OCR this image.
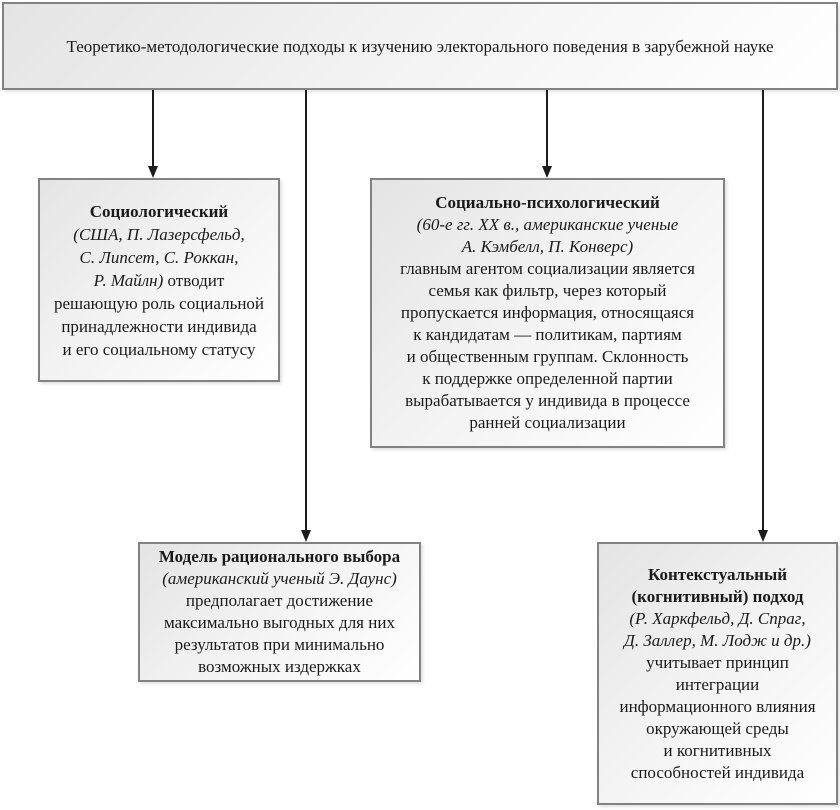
Теоретико-методологические подходы к изучению электорального поведения в зарубежной науке
Социологический
(США, П. Лазерсфельд,
С. Липсет, С. Роккан,
Р. Майлн) отводит
решающую роль социальной
принадлежности индивида
и его социальному статусу
Социально-психологический
(60-е гг. XX в., американские ученые
А. Кэмбелл, П. Конверс)
главным агентом социализации является
семья как фильтр, через который
пропускается информация, относящаяся
к кандидатам — политикам, партиям
и общественным группам. Склонность
к поддержке определенной партии
вырабатывается у индивида в процессе
ранней социализации
Модель рационального выбора
(американский ученый Э. Даунс)
предполагает достижение
максимально выгодных для них
результатов при минимально
возможных издержках
Контекстуальный
(когнитивный) подход
(Р. Харкфельд, Д. Спраг,
Д. Заллер, М. Лодж и др.)
учитывает принцип
интеграции
информационного влияния
окружающей среды
и когнитивных
способностей индивида
